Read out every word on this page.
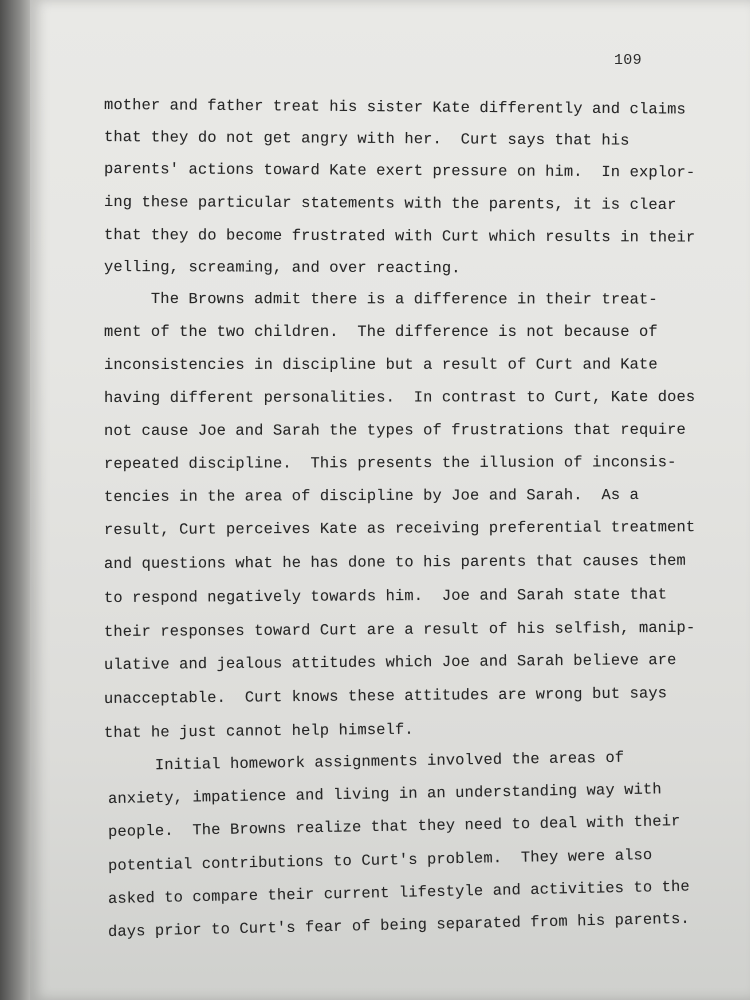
109
mother and father treat his sister Kate differently and claims
that they do not get angry with her.  Curt says that his
parents' actions toward Kate exert pressure on him.  In explor-
ing these particular statements with the parents, it is clear
that they do become frustrated with Curt which results in their
yelling, screaming, and over reacting.
The Browns admit there is a difference in their treat-
ment of the two children.  The difference is not because of
inconsistencies in discipline but a result of Curt and Kate
having different personalities.  In contrast to Curt, Kate does
not cause Joe and Sarah the types of frustrations that require
repeated discipline.  This presents the illusion of inconsis-
tencies in the area of discipline by Joe and Sarah.  As a
result, Curt perceives Kate as receiving preferential treatment
and questions what he has done to his parents that causes them
to respond negatively towards him.  Joe and Sarah state that
their responses toward Curt are a result of his selfish, manip-
ulative and jealous attitudes which Joe and Sarah believe are
unacceptable.  Curt knows these attitudes are wrong but says
that he just cannot help himself.
Initial homework assignments involved the areas of
anxiety, impatience and living in an understanding way with
people.  The Browns realize that they need to deal with their
potential contributions to Curt's problem.  They were also
asked to compare their current lifestyle and activities to the
days prior to Curt's fear of being separated from his parents.
